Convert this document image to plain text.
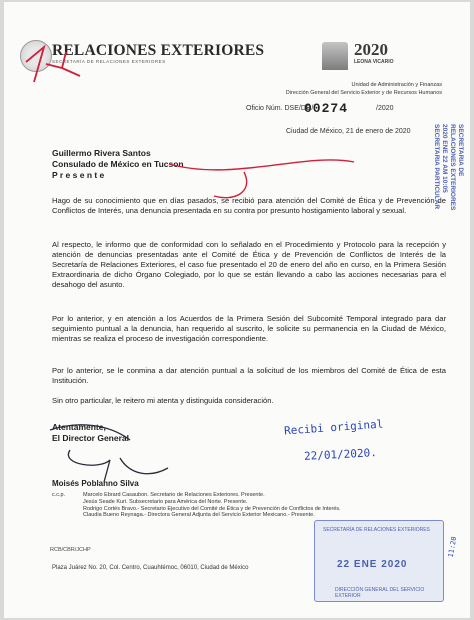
RELACIONES EXTERIORES
SECRETARÍA DE RELACIONES EXTERIORES
2020
LEONA VICARIO
Unidad de Administración y Finanzas
Dirección General del Servicio Exterior y de Recursos Humanos
Oficio Núm. DSE/DG/
00274	/2020
Ciudad de México, 21 de enero de 2020
Guillermo Rivera Santos
Consulado de México en Tucson
P r e s e n t e
Hago de su conocimiento que en días pasados, se recibió para atención del Comité de Ética y de Prevención de Conflictos de Interés, una denuncia presentada en su contra por presunto hostigamiento laboral y sexual.
Al respecto, le informo que de conformidad con lo señalado en el Procedimiento y Protocolo para la recepción y atención de denuncias presentadas ante el Comité de Ética y de Prevención de Conflictos de Interés de la Secretaría de Relaciones Exteriores, el caso fue presentado el 20 de enero del año en curso, en la Primera Sesión Extraordinaria de dicho Órgano Colegiado, por lo que se están llevando a cabo las acciones necesarias para el desahogo del asunto.
Por lo anterior, y en atención a los Acuerdos de la Primera Sesión del Subcomité Temporal integrado para dar seguimiento puntual a la denuncia, han requerido al suscrito, le solicite su permanencia en la Ciudad de México, mientras se realiza el proceso de investigación correspondiente.
Por lo anterior, se le conmina a dar atención puntual a la solicitud de los miembros del Comité de Ética de esta Institución.
Sin otro particular, le reitero mi atenta y distinguida consideración.
Atentamente,
El Director General
Moisés Poblanno Silva
c.c.p.	Marcelo Ebrard Casaubon. Secretario de Relaciones Exteriores. Presente.
Jesús Seade Kuri. Subsecretario para América del Norte. Presente.
Rodrigo Cortés Bravo.- Secretario Ejecutivo del Comité de Ética y de Prevención de Conflictos de Interés.
Claudia Bueno Reynaga.- Directora General Adjunta del Servicio Exterior Mexicano.- Presente.
RCB/CBR/JCHP
Plaza Juárez No. 20, Col. Centro, Cuauhtémoc, 06010, Ciudad de México
SECRETARIA DE
RELACIONES EXTERIORES
2020 ENE 22 AM 10:05
SECRETARIA PARTICULAR
Recibi original
22/01/2020.
11:20
SECRETARÍA DE RELACIONES EXTERIORES
22 ENE 2020
DIRECCIÓN GENERAL DEL SERVICIO EXTERIOR
